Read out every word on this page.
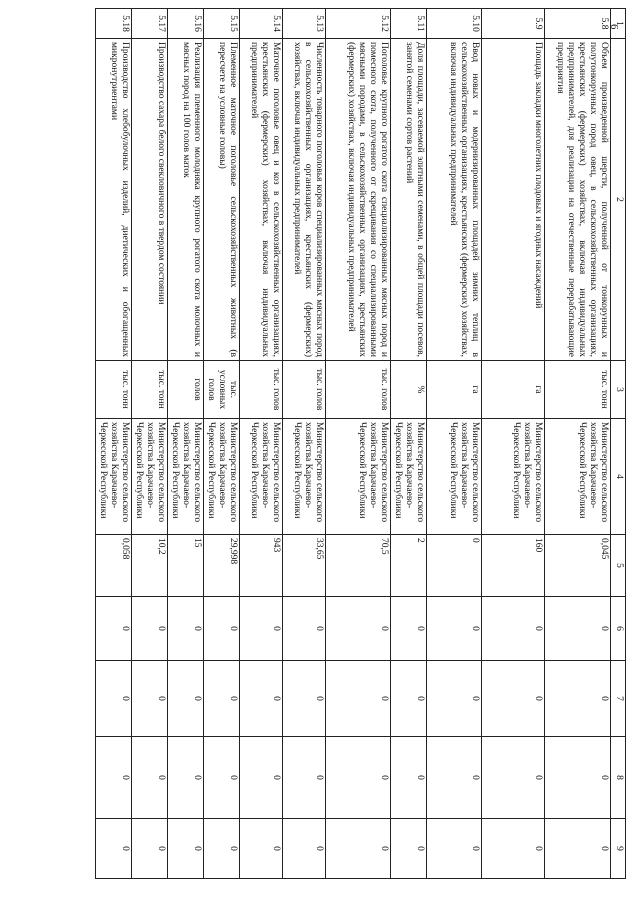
6
1	2	3	4	5	6	7	8	9
5.8	Объем произведенной шерсти, полученной от тонкорунных и полутонкорунных пород овец, в сельскохозяйственных организациях, крестьянских (фермерских) хозяйствах, включая индивидуальных предпринимателей, для реализации на отечественные перерабатывающие предприятия	тыс. тонн	Министерство сельского хозяйства Карачаево-Черкесской Республики	0,045	0	0	0	0
5.9	Площадь закладки многолетних плодовых и ягодных насаждений	га	Министерство сельского хозяйства Карачаево-Черкесской Республики	160	0	0	0	0
5.10	Ввод новых и модернизированных площадей зимних теплиц в сельскохозяйственных организациях, крестьянских (фермерских) хозяйствах, включая индивидуальных предпринимателей	га	Министерство сельского хозяйства Карачаево-Черкесской Республики	0	0	0	0	0
5.11	Доля площади, засеваемой элитными семенами, в общей площади посевов, занятой семенами сортов растений	%	Министерство сельского хозяйства Карачаево-Черкесской Республики	2	0	0	0	0
5.12	Поголовье крупного рогатого скота специализированных мясных пород и помесного скота, полученного от скрещивания со специализированными мясными породами, в сельскохозяйственных организациях, крестьянских (фермерских) хозяйствах, включая индивидуальных предпринимателей	тыс. голов	Министерство сельского хозяйства Карачаево-Черкесской Республики	70,5	0	0	0	0
5.13	Численность товарного поголовья коров специализированных мясных пород в сельскохозяйственных организациях, крестьянских (фермерских) хозяйствах, включая индивидуальных предпринимателей	тыс. голов	Министерство сельского хозяйства Карачаево-Черкесской Республики	33,65	0	0	0	0
5.14	Маточное поголовье овец и коз в сельскохозяйственных организациях, крестьянских (фермерских) хозяйствах, включая индивидуальных предпринимателей	тыс. голов	Министерство сельского хозяйства Карачаево-Черкесской Республики	943	0	0	0	0
5.15	Племенное маточное поголовье сельскохозяйственных животных (в пересчете на условные головы)	тыс. условных голов	Министерство сельского хозяйства Карачаево-Черкесской Республики	29,998	0	0	0	0
5.16	Реализация племенного молодняка крупного рогатого скота молочных и мясных пород на 100 голов маток	голов	Министерство сельского хозяйства Карачаево-Черкесской Республики	15	0	0	0	0
5.17	Производство сахара белого свекловичного в твердом состоянии	тыс. тонн	Министерство сельского хозяйства Карачаево-Черкесской Республики	10,2	0	0	0	0
5.18	Производство хлебобулочных изделий, диетических и обогащенных микронутриентами	тыс. тонн	Министерство сельского хозяйства Карачаево-Черкесской Республики	0,058	0	0	0	0
